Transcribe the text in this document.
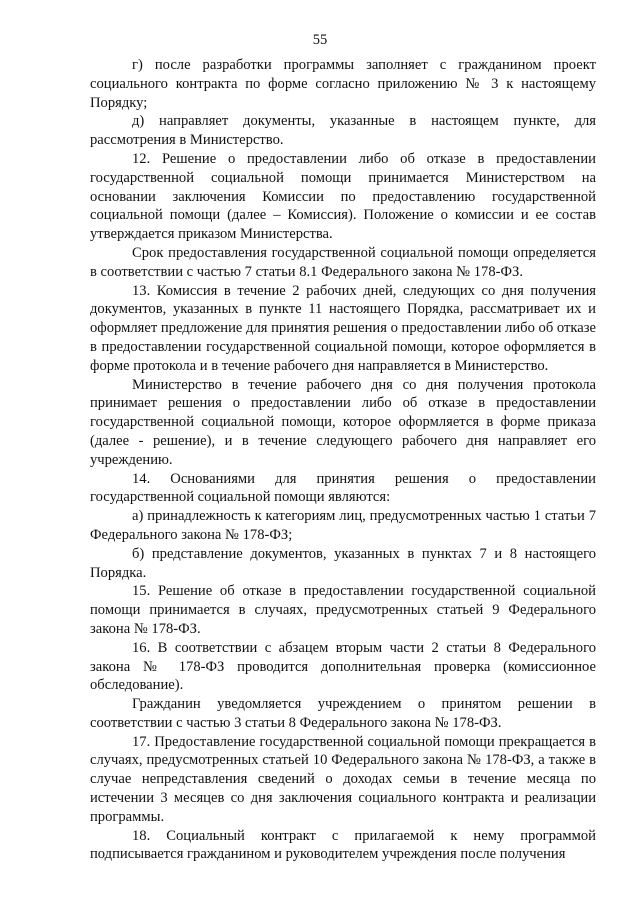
55

г) после разработки программы заполняет с гражданином проект социального контракта по форме согласно приложению № 3 к настоящему Порядку;

д) направляет документы, указанные в настоящем пункте, для рассмотрения в Министерство.

12. Решение о предоставлении либо об отказе в предоставлении государственной социальной помощи принимается Министерством на основании заключения Комиссии по предоставлению государственной социальной помощи (далее – Комиссия). Положение о комиссии и ее состав утверждается приказом Министерства.

Срок предоставления государственной социальной помощи определяется в соответствии с частью 7 статьи 8.1 Федерального закона № 178-ФЗ.

13. Комиссия в течение 2 рабочих дней, следующих со дня получения документов, указанных в пункте 11 настоящего Порядка, рассматривает их и оформляет предложение для принятия решения о предоставлении либо об отказе в предоставлении государственной социальной помощи, которое оформляется в форме протокола и в течение рабочего дня направляется в Министерство.

Министерство в течение рабочего дня со дня получения протокола принимает решения о предоставлении либо об отказе в предоставлении государственной социальной помощи, которое оформляется в форме приказа (далее - решение), и в течение следующего рабочего дня направляет его учреждению.

14. Основаниями для принятия решения о предоставлении государственной социальной помощи являются:

а) принадлежность к категориям лиц, предусмотренных частью 1 статьи 7 Федерального закона № 178-ФЗ;

б) представление документов, указанных в пунктах 7 и 8 настоящего Порядка.

15. Решение об отказе в предоставлении государственной социальной помощи принимается в случаях, предусмотренных статьей 9 Федерального закона № 178-ФЗ.

16. В соответствии с абзацем вторым части 2 статьи 8 Федерального закона № 178-ФЗ проводится дополнительная проверка (комиссионное обследование).

Гражданин уведомляется учреждением о принятом решении в соответствии с частью 3 статьи 8 Федерального закона № 178-ФЗ.

17. Предоставление государственной социальной помощи прекращается в случаях, предусмотренных статьей 10 Федерального закона № 178-ФЗ, а также в случае непредставления сведений о доходах семьи в течение месяца по истечении 3 месяцев со дня заключения социального контракта и реализации программы.

18. Социальный контракт с прилагаемой к нему программой подписывается гражданином и руководителем учреждения после получения
